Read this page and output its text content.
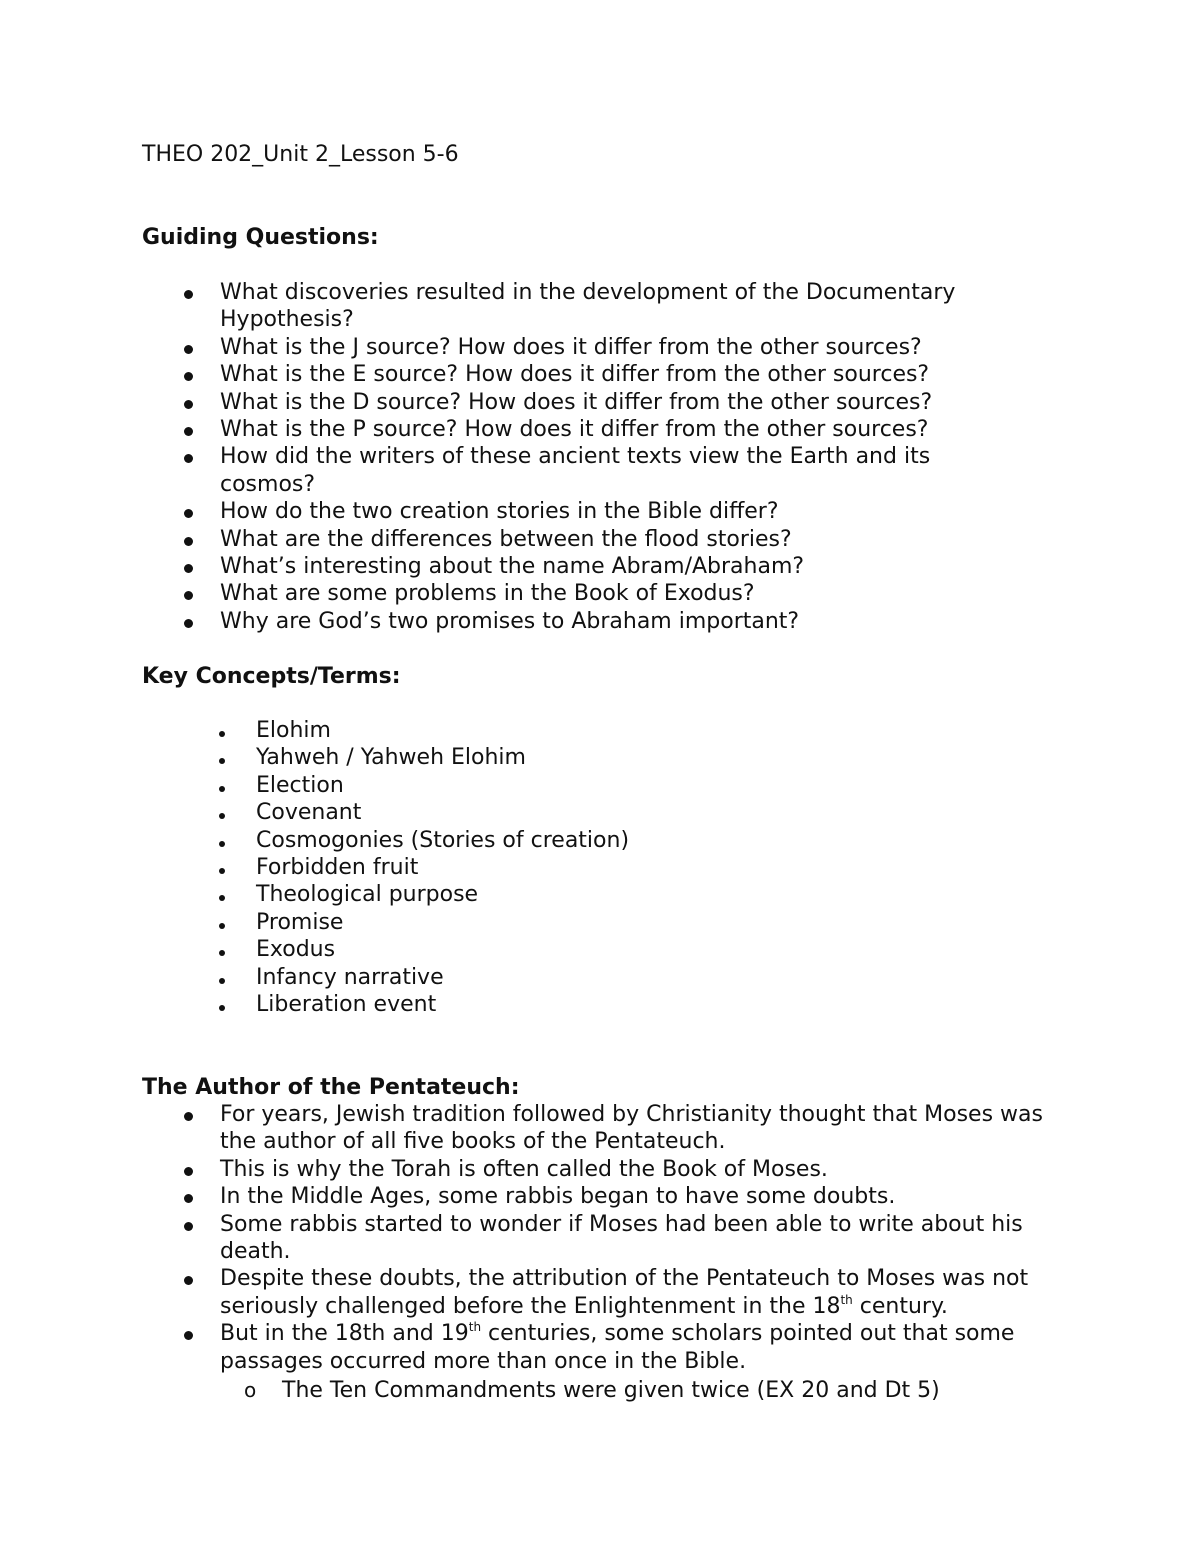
THEO 202_Unit 2_Lesson 5-6
Guiding Questions:
What discoveries resulted in the development of the Documentary Hypothesis?
What is the J source? How does it differ from the other sources?
What is the E source? How does it differ from the other sources?
What is the D source? How does it differ from the other sources?
What is the P source? How does it differ from the other sources?
How did the writers of these ancient texts view the Earth and its cosmos?
How do the two creation stories in the Bible differ?
What are the differences between the flood stories?
What’s interesting about the name Abram/Abraham?
What are some problems in the Book of Exodus?
Why are God’s two promises to Abraham important?
Key Concepts/Terms:
Elohim
Yahweh / Yahweh Elohim
Election
Covenant
Cosmogonies (Stories of creation)
Forbidden fruit
Theological purpose
Promise
Exodus
Infancy narrative
Liberation event
The Author of the Pentateuch:
For years, Jewish tradition followed by Christianity thought that Moses was the author of all five books of the Pentateuch.
This is why the Torah is often called the Book of Moses.
In the Middle Ages, some rabbis began to have some doubts.
Some rabbis started to wonder if Moses had been able to write about his death.
Despite these doubts, the attribution of the Pentateuch to Moses was not seriously challenged before the Enlightenment in the 18th century.
But in the 18th and 19th centuries, some scholars pointed out that some passages occurred more than once in the Bible.
o The Ten Commandments were given twice (EX 20 and Dt 5)
